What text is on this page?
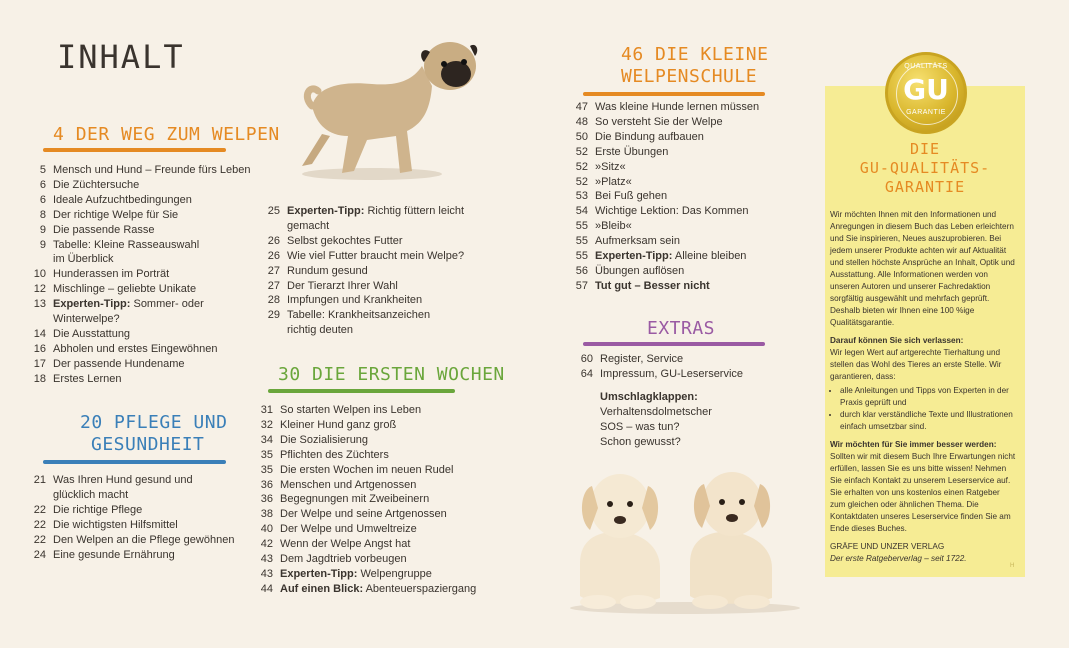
INHALT
4 DER WEG ZUM WELPEN
5 Mensch und Hund – Freunde fürs Leben
6 Die Züchtersuche
6 Ideale Aufzuchtbedingungen
8 Der richtige Welpe für Sie
9 Die passende Rasse
9 Tabelle: Kleine Rasseauswahl
im Überblick
10 Hunderassen im Porträt
12 Mischlinge – geliebte Unikate
13 Experten-Tipp: Sommer- oder
Winterwelpe?
14 Die Ausstattung
16 Abholen und erstes Eingewöhnen
17 Der passende Hundename
18 Erstes Lernen
20 PFLEGE UND
GESUNDHEIT
21 Was Ihren Hund gesund und
glücklich macht
22 Die richtige Pflege
22 Die wichtigsten Hilfsmittel
22 Den Welpen an die Pflege gewöhnen
24 Eine gesunde Ernährung
25 Experten-Tipp: Richtig füttern leicht
gemacht
26 Selbst gekochtes Futter
26 Wie viel Futter braucht mein Welpe?
27 Rundum gesund
27 Der Tierarzt Ihrer Wahl
28 Impfungen und Krankheiten
29 Tabelle: Krankheitsanzeichen
richtig deuten
30 DIE ERSTEN WOCHEN
31 So starten Welpen ins Leben
32 Kleiner Hund ganz groß
34 Die Sozialisierung
35 Pflichten des Züchters
35 Die ersten Wochen im neuen Rudel
36 Menschen und Artgenossen
36 Begegnungen mit Zweibeinern
38 Der Welpe und seine Artgenossen
40 Der Welpe und Umweltreize
42 Wenn der Welpe Angst hat
43 Dem Jagdtrieb vorbeugen
43 Experten-Tipp: Welpengruppe
44 Auf einen Blick: Abenteuerspaziergang
46 DIE KLEINE
WELPENSCHULE
47 Was kleine Hunde lernen müssen
48 So versteht Sie der Welpe
50 Die Bindung aufbauen
52 Erste Übungen
52 »Sitz«
52 »Platz«
53 Bei Fuß gehen
54 Wichtige Lektion: Das Kommen
55 »Bleib«
55 Aufmerksam sein
55 Experten-Tipp: Alleine bleiben
56 Übungen auflösen
57 Tut gut – Besser nicht
EXTRAS
60 Register, Service
64 Impressum, GU-Leserservice
Umschlagklappen:
Verhaltensdolmetscher
SOS – was tun?
Schon gewusst?
QUALITÄTS
GU
GARANTIE
DIE
GU-QUALITÄTS-
GARANTIE

Wir möchten Ihnen mit den Informationen und Anregungen in diesem Buch das Leben erleichtern und Sie inspirieren, Neues auszuprobieren. Bei jedem unserer Produkte achten wir auf Aktualität und stellen höchste Ansprüche an Inhalt, Optik und Ausstattung. Alle Informationen werden von unseren Autoren und unserer Fachredaktion sorgfältig ausgewählt und mehrfach geprüft. Deshalb bieten wir Ihnen eine 100 %ige Qualitätsgarantie.

Darauf können Sie sich verlassen:
Wir legen Wert auf artgerechte Tierhaltung und stellen das Wohl des Tieres an erste Stelle. Wir garantieren, dass:

• alle Anleitungen und Tipps von Experten in der Praxis geprüft und
• durch klar verständliche Texte und Illustrationen einfach umsetzbar sind.

Wir möchten für Sie immer besser werden:
Sollten wir mit diesem Buch Ihre Erwartungen nicht erfüllen, lassen Sie es uns bitte wissen! Nehmen Sie einfach Kontakt zu unserem Leserservice auf. Sie erhalten von uns kostenlos einen Ratgeber zum gleichen oder ähnlichen Thema. Die Kontaktdaten unseres Leserservice finden Sie am Ende dieses Buches.

GRÄFE UND UNZER VERLAG

Der erste Ratgeberverlag – seit 1722.

H
